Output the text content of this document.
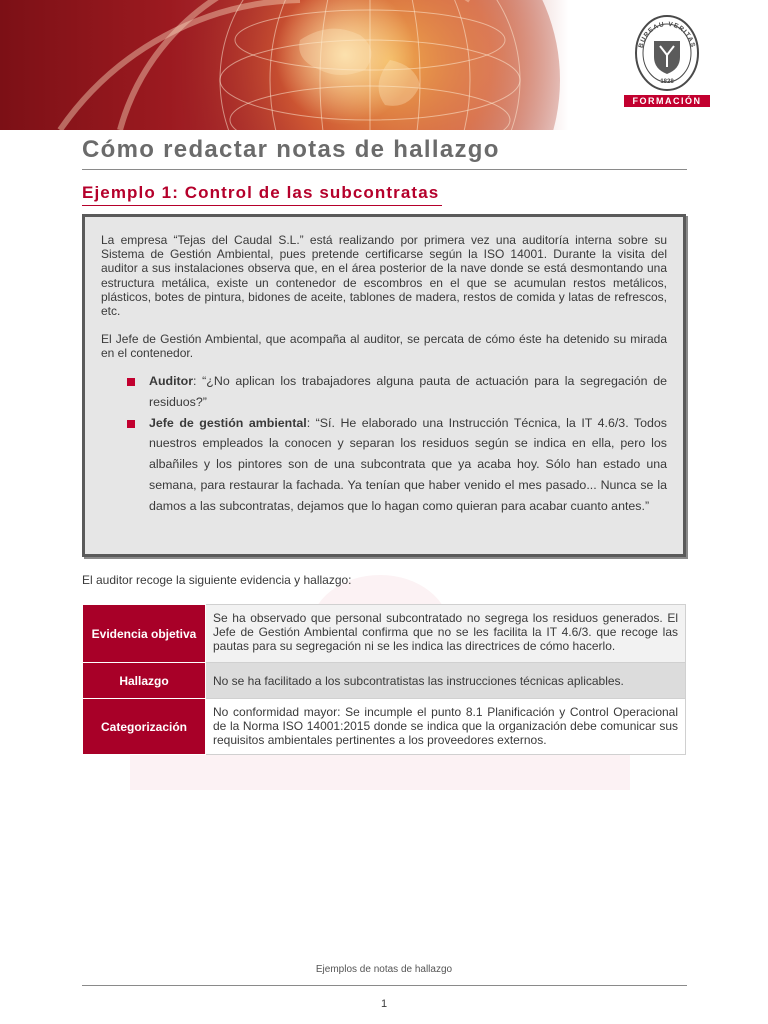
BUREAU VERITAS
1828
FORMACIÓN
Cómo redactar notas de hallazgo
Ejemplo 1: Control de las subcontratas

La empresa “Tejas del Caudal S.L.” está realizando por primera vez una auditoría interna sobre su Sistema de Gestión Ambiental, pues pretende certificarse según la ISO 14001. Durante la visita del auditor a sus instalaciones observa que, en el área posterior de la nave donde se está desmontando una estructura metálica, existe un contenedor de escombros en el que se acumulan restos metálicos, plásticos, botes de pintura, bidones de aceite, tablones de madera, restos de comida y latas de refrescos, etc.

El Jefe de Gestión Ambiental, que acompaña al auditor, se percata de cómo éste ha detenido su mirada en el contenedor.

Auditor: “¿No aplican los trabajadores alguna pauta de actuación para la segregación de residuos?”
Jefe de gestión ambiental: “Sí. He elaborado una Instrucción Técnica, la IT 4.6/3. Todos nuestros empleados la conocen y separan los residuos según se indica en ella, pero los albañiles y los pintores son de una subcontrata que ya acaba hoy. Sólo han estado una semana, para restaurar la fachada. Ya tenían que haber venido el mes pasado... Nunca se la damos a las subcontratas, dejamos que lo hagan como quieran para acabar cuanto antes.”

El auditor recoge la siguiente evidencia y hallazgo:

Evidencia objetiva	Se ha observado que personal subcontratado no segrega los residuos generados. El Jefe de Gestión Ambiental confirma que no se les facilita la IT 4.6/3. que recoge las pautas para su segregación ni se les indica las directrices de cómo hacerlo.
Hallazgo	No se ha facilitado a los subcontratistas las instrucciones técnicas aplicables.
Categorización	No conformidad mayor: Se incumple el punto 8.1 Planificación y Control Operacional de la Norma ISO 14001:2015 donde se indica que la organización debe comunicar sus requisitos ambientales pertinentes a los proveedores externos.
Ejemplos de notas de hallazgo
1
